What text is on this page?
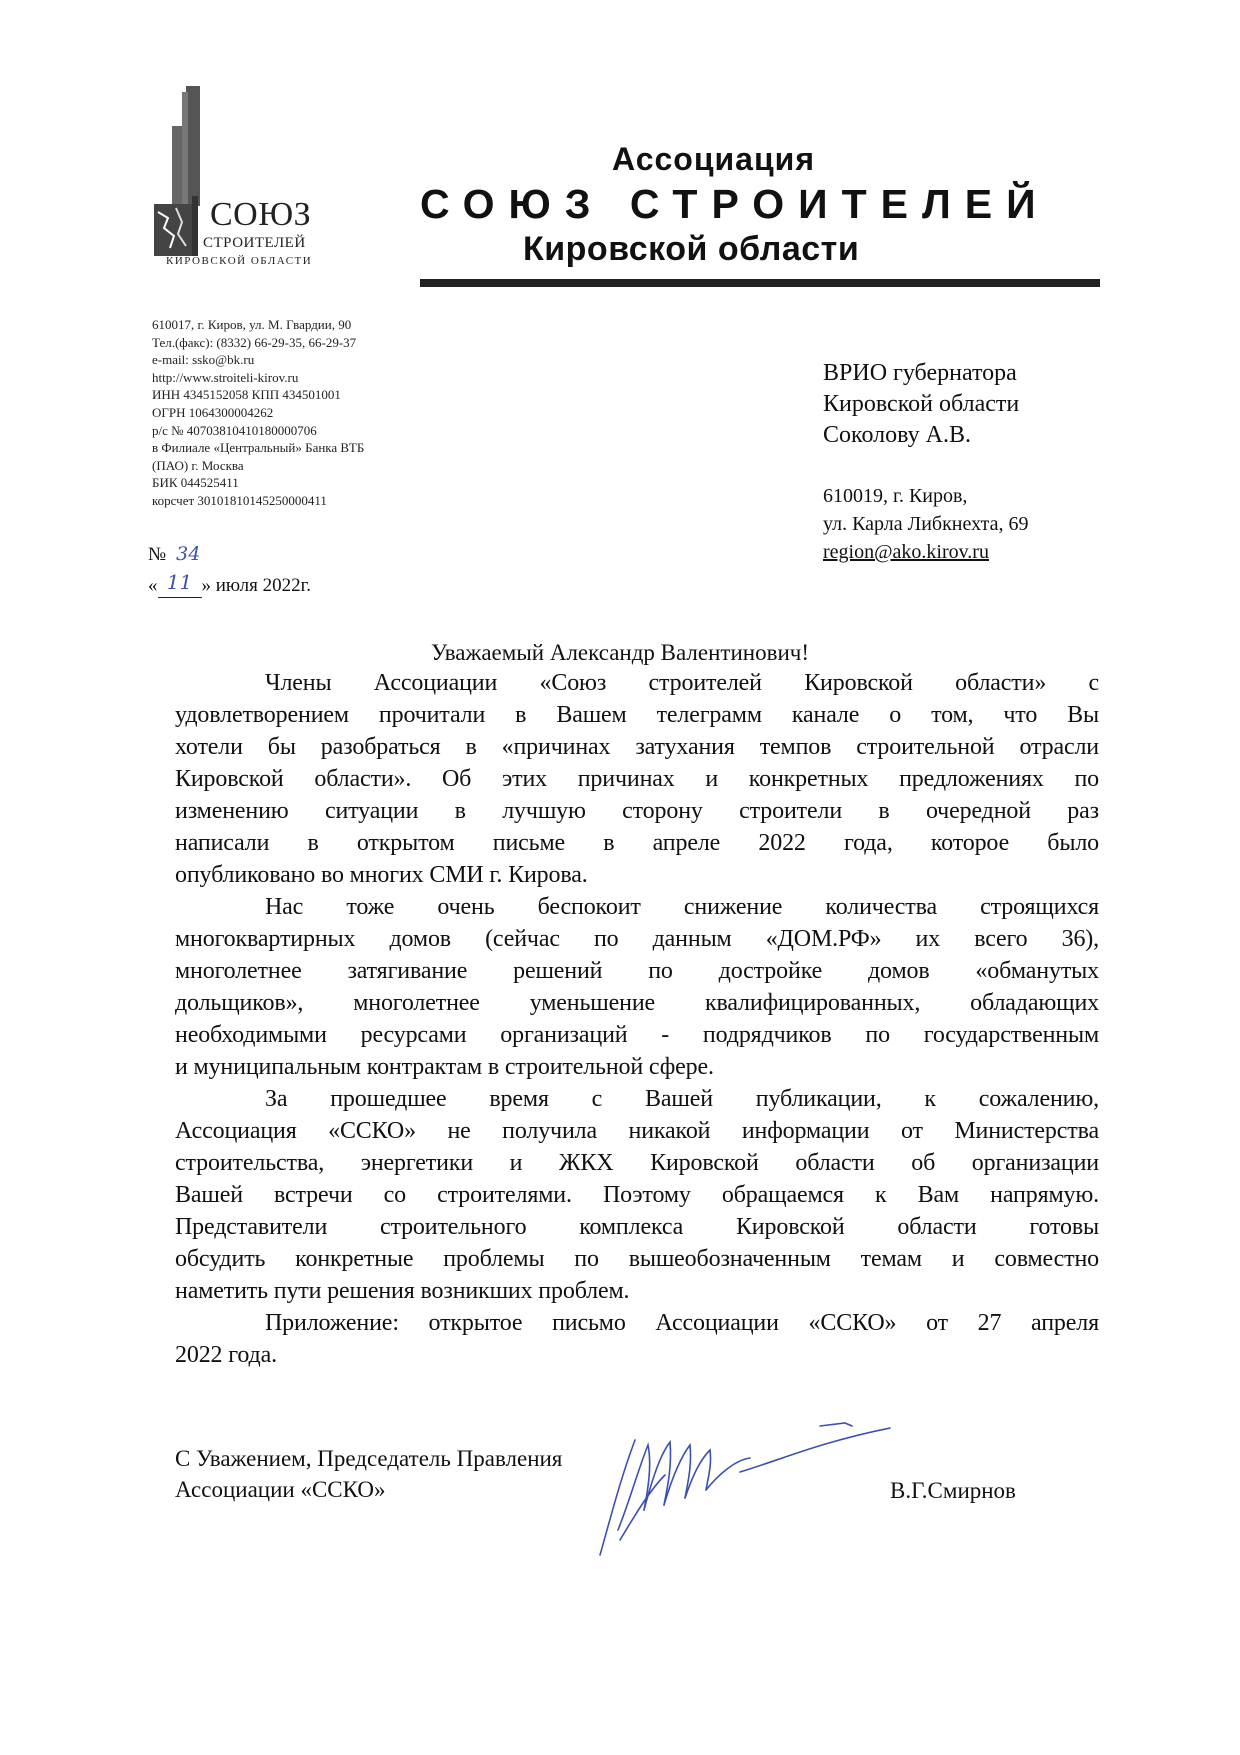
СОЮЗ
СТРОИТЕЛЕЙ
КИРОВСКОЙ ОБЛАСТИ
Ассоциация
СОЮЗ СТРОИТЕЛЕЙ
Кировской области
610017, г. Киров, ул. М. Гвардии, 90
Тел.(факс): (8332) 66-29-35, 66-29-37
e-mail: ssko@bk.ru
http://www.stroiteli-kirov.ru
ИНН 4345152058 КПП 434501001
ОГРН 1064300004262
р/с № 40703810410180000706
в Филиале «Центральный» Банка ВТБ
(ПАО) г. Москва
БИК 044525411
корсчет 30101810145250000411
№ 34
« 11 » июля 2022г.
ВРИО губернатора
Кировской области
Соколову А.В.
610019, г. Киров,
ул. Карла Либкнехта, 69
region@ako.kirov.ru
Уважаемый Александр Валентинович!
Члены Ассоциации «Союз строителей Кировской области» с
удовлетворением прочитали в Вашем телеграмм канале о том, что Вы
хотели бы разобраться в «причинах затухания темпов строительной отрасли
Кировской области». Об этих причинах и конкретных предложениях по
изменению ситуации в лучшую сторону строители в очередной раз
написали в открытом письме в апреле 2022 года, которое было
опубликовано во многих СМИ г. Кирова.
Нас тоже очень беспокоит снижение количества строящихся
многоквартирных домов (сейчас по данным «ДОМ.РФ» их всего 36),
многолетнее затягивание решений по достройке домов «обманутых
дольщиков», многолетнее уменьшение квалифицированных, обладающих
необходимыми ресурсами организаций - подрядчиков по государственным
и муниципальным контрактам в строительной сфере.
За прошедшее время с Вашей публикации, к сожалению,
Ассоциация «ССКО» не получила никакой информации от Министерства
строительства, энергетики и ЖКХ Кировской области об организации
Вашей встречи со строителями. Поэтому обращаемся к Вам напрямую.
Представители строительного комплекса Кировской области готовы
обсудить конкретные проблемы по вышеобозначенным темам и совместно
наметить пути решения возникших проблем.
Приложение: открытое письмо Ассоциации «ССКО» от 27 апреля
2022 года.
С Уважением, Председатель Правления
Ассоциации «ССКО»	В.Г.Смирнов
